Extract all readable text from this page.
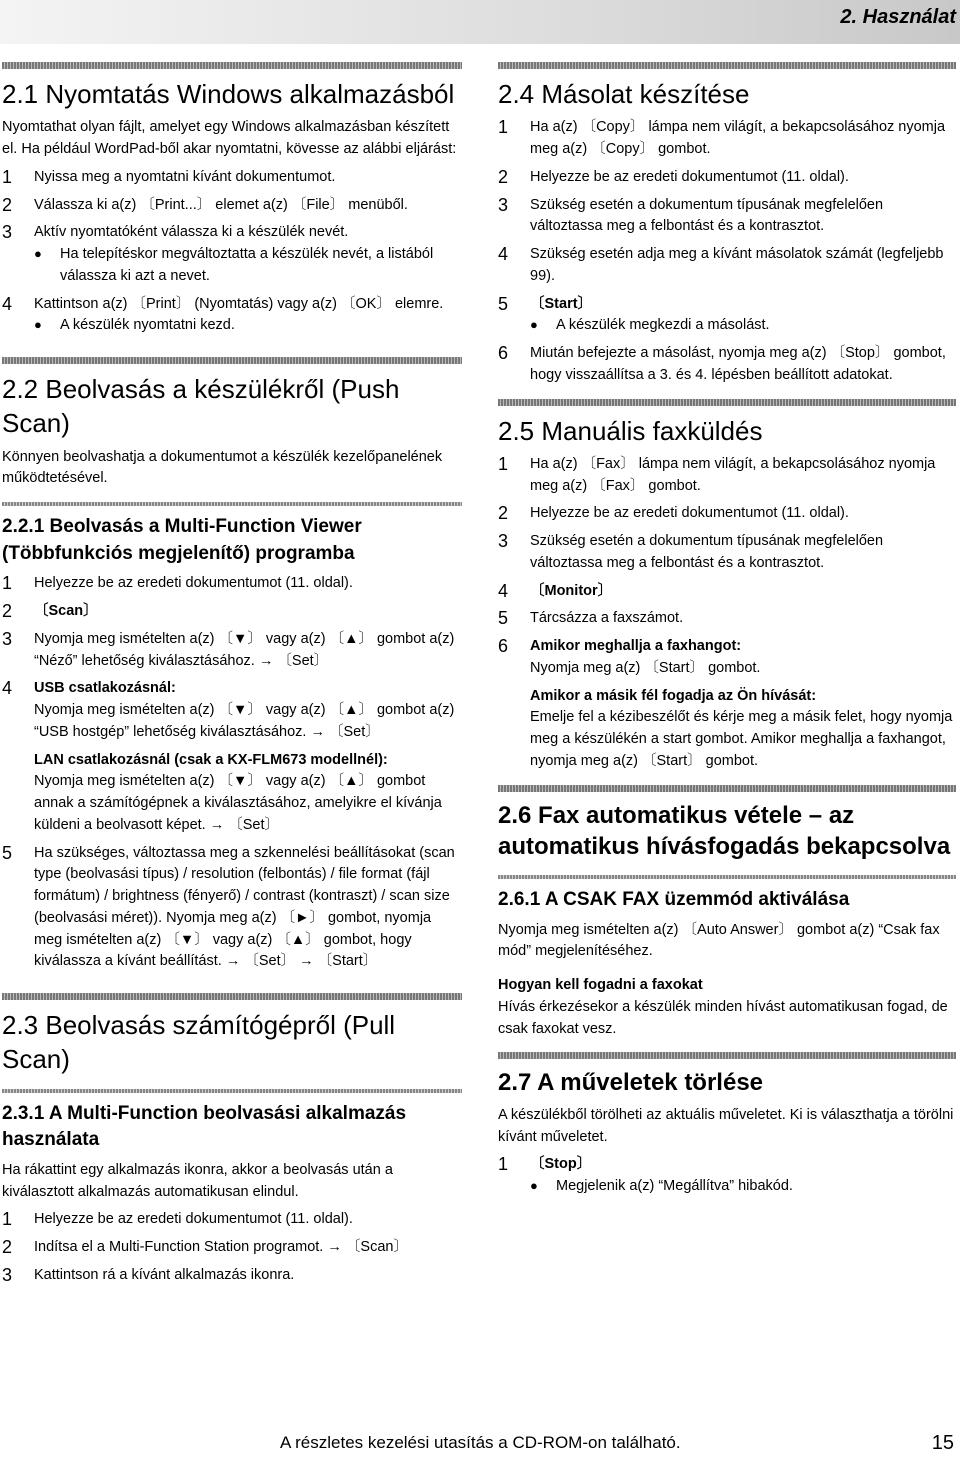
2. Használat
2.1 Nyomtatás Windows alkalmazásból

Nyomtathat olyan fájlt, amelyet egy Windows alkalmazásban készített el. Ha például WordPad-ből akar nyomtatni, kövesse az alábbi eljárást:

1	Nyissa meg a nyomtatni kívánt dokumentumot.
2	Válassza ki a(z) 〔Print...〕 elemet a(z) 〔File〕 menüből.
3	Aktív nyomtatóként válassza ki a készülék nevét.
●	Ha telepítéskor megváltoztatta a készülék nevét, a listából válassza ki azt a nevet.
4	Kattintson a(z) 〔Print〕 (Nyomtatás) vagy a(z) 〔OK〕 elemre.
●	A készülék nyomtatni kezd.
2.2 Beolvasás a készülékről (Push Scan)

Könnyen beolvashatja a dokumentumot a készülék kezelőpanelének működtetésével.

2.2.1 Beolvasás a Multi-Function Viewer (Többfunkciós megjelenítő) programba
1	Helyezze be az eredeti dokumentumot (11. oldal).
2	〔Scan〕
3	Nyomja meg ismételten a(z) 〔▼〕 vagy a(z) 〔▲〕 gombot a(z) “Néző” lehetőség kiválasztásához. → 〔Set〕
4	USB csatlakozásnál:
Nyomja meg ismételten a(z) 〔▼〕 vagy a(z) 〔▲〕 gombot a(z) “USB hostgép” lehetőség kiválasztásához. → 〔Set〕
LAN csatlakozásnál (csak a KX-FLM673 modellnél):
Nyomja meg ismételten a(z) 〔▼〕 vagy a(z) 〔▲〕 gombot annak a számítógépnek a kiválasztásához, amelyikre el kívánja küldeni a beolvasott képet. → 〔Set〕
5	Ha szükséges, változtassa meg a szkennelési beállításokat (scan type (beolvasási típus) / resolution (felbontás) / file format (fájl formátum) / brightness (fényerő) / contrast (kontraszt) / scan size (beolvasási méret)). Nyomja meg a(z) 〔►〕 gombot, nyomja meg ismételten a(z) 〔▼〕 vagy a(z) 〔▲〕 gombot, hogy kiválassza a kívánt beállítást. → 〔Set〕 → 〔Start〕
2.3 Beolvasás számítógépről (Pull Scan)
2.3.1 A Multi-Function beolvasási alkalmazás használata

Ha rákattint egy alkalmazás ikonra, akkor a beolvasás után a kiválasztott alkalmazás automatikusan elindul.

1	Helyezze be az eredeti dokumentumot (11. oldal).
2	Indítsa el a Multi-Function Station programot. → 〔Scan〕
3	Kattintson rá a kívánt alkalmazás ikonra.
2.4 Másolat készítése
1	Ha a(z) 〔Copy〕 lámpa nem világít, a bekapcsolásához nyomja meg a(z) 〔Copy〕 gombot.
2	Helyezze be az eredeti dokumentumot (11. oldal).
3	Szükség esetén a dokumentum típusának megfelelően változtassa meg a felbontást és a kontrasztot.
4	Szükség esetén adja meg a kívánt másolatok számát (legfeljebb 99).
5	〔Start〕
●	A készülék megkezdi a másolást.
6	Miután befejezte a másolást, nyomja meg a(z) 〔Stop〕 gombot, hogy visszaállítsa a 3. és 4. lépésben beállított adatokat.
2.5 Manuális faxküldés
1	Ha a(z) 〔Fax〕 lámpa nem világít, a bekapcsolásához nyomja meg a(z) 〔Fax〕 gombot.
2	Helyezze be az eredeti dokumentumot (11. oldal).
3	Szükség esetén a dokumentum típusának megfelelően változtassa meg a felbontást és a kontrasztot.
4	〔Monitor〕
5	Tárcsázza a faxszámot.
6	Amikor meghallja a faxhangot:
Nyomja meg a(z) 〔Start〕 gombot.
Amikor a másik fél fogadja az Ön hívását:
Emelje fel a kézibeszélőt és kérje meg a másik felet, hogy nyomja meg a készülékén a start gombot. Amikor meghallja a faxhangot, nyomja meg a(z) 〔Start〕 gombot.
2.6 Fax automatikus vétele – az automatikus hívásfogadás bekapcsolva
2.6.1 A CSAK FAX üzemmód aktiválása

Nyomja meg ismételten a(z) 〔Auto Answer〕 gombot a(z) “Csak fax mód” megjelenítéséhez.

Hogyan kell fogadni a faxokat

Hívás érkezésekor a készülék minden hívást automatikusan fogad, de csak faxokat vesz.

2.7 A műveletek törlése

A készülékből törölheti az aktuális műveletet. Ki is választhatja a törölni kívánt műveletet.

1	〔Stop〕
●	Megjelenik a(z) “Megállítva” hibakód.
A részletes kezelési utasítás a CD-ROM-on található.	15
